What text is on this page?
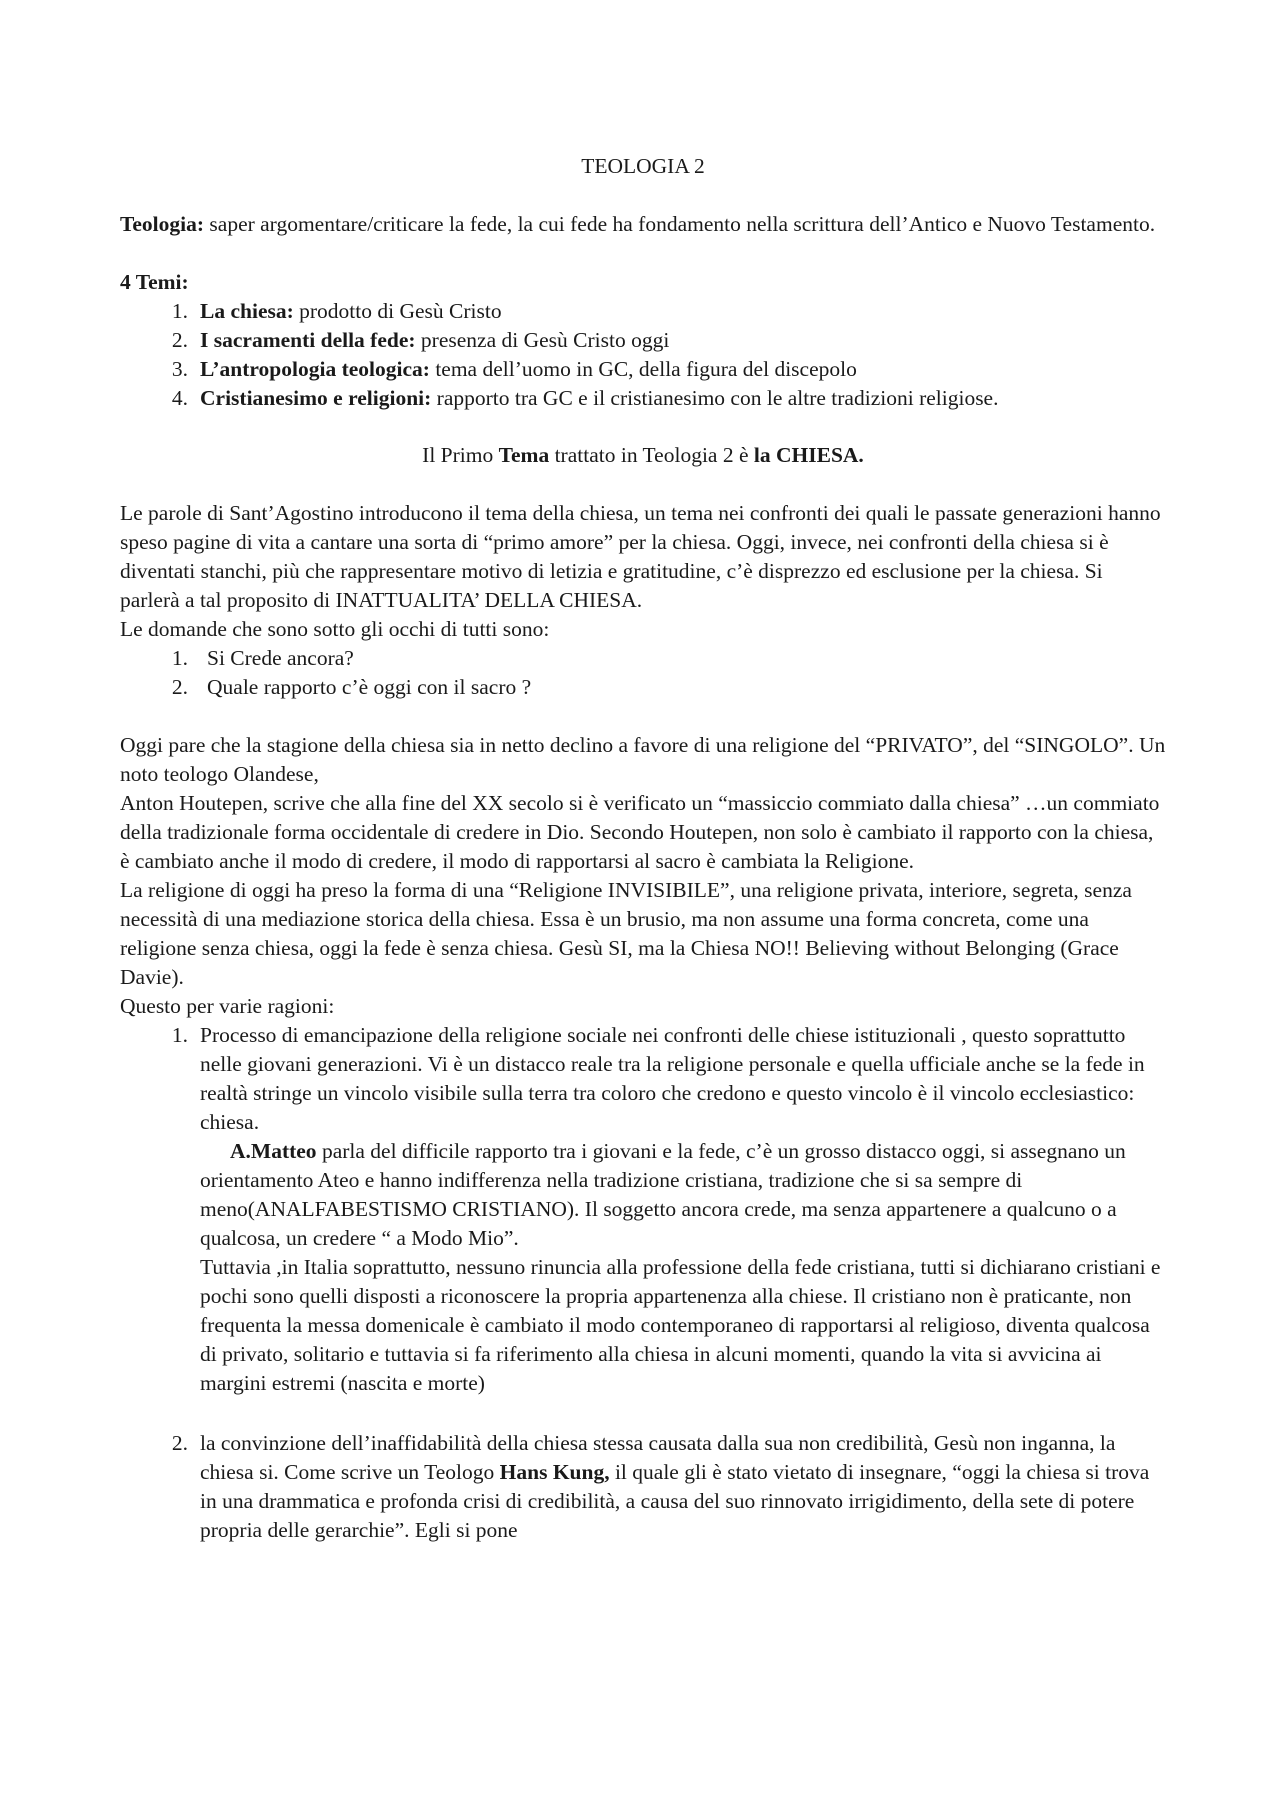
TEOLOGIA 2

Teologia: saper argomentare/criticare la fede, la cui fede ha fondamento nella scrittura dell’Antico e Nuovo Testamento.

4 Temi:

1. La chiesa: prodotto di Gesù Cristo
2. I sacramenti della fede: presenza di Gesù Cristo oggi
3. L’antropologia teologica: tema dell’uomo in GC, della figura del discepolo
4. Cristianesimo e religioni: rapporto tra GC e il cristianesimo con le altre tradizioni religiose.

Il Primo Tema trattato in Teologia 2 è la CHIESA.

Le parole di Sant’Agostino introducono il tema della chiesa, un tema nei confronti dei quali le passate generazioni hanno speso pagine di vita a cantare una sorta di “primo amore” per la chiesa. Oggi, invece, nei confronti della chiesa si è diventati stanchi, più che rappresentare motivo di letizia e gratitudine, c’è disprezzo ed esclusione per la chiesa. Si parlerà a tal proposito di INATTUALITA’ DELLA CHIESA.

Le domande che sono sotto gli occhi di tutti sono:

1. Si Crede ancora?
2. Quale rapporto c’è oggi con il sacro ?

Oggi pare che la stagione della chiesa sia in netto declino a favore di una religione del “PRIVATO”, del “SINGOLO”. Un noto teologo Olandese,

Anton Houtepen, scrive che alla fine del XX secolo si è verificato un “massiccio commiato dalla chiesa” …un commiato della tradizionale forma occidentale di credere in Dio. Secondo Houtepen, non solo è cambiato il rapporto con la chiesa, è cambiato anche il modo di credere, il modo di rapportarsi al sacro è cambiata la Religione.

La religione di oggi ha preso la forma di una “Religione INVISIBILE”, una religione privata, interiore, segreta, senza necessità di una mediazione storica della chiesa. Essa è un brusio, ma non assume una forma concreta, come una religione senza chiesa, oggi la fede è senza chiesa. Gesù SI, ma la Chiesa NO!! Believing without Belonging (Grace Davie).

Questo per varie ragioni:

1. Processo di emancipazione della religione sociale nei confronti delle chiese istituzionali , questo soprattutto nelle giovani generazioni. Vi è un distacco reale tra la religione personale e quella ufficiale anche se la fede in realtà stringe un vincolo visibile sulla terra tra coloro che credono e questo vincolo è il vincolo ecclesiastico: chiesa.

A.Matteo parla del difficile rapporto tra i giovani e la fede, c’è un grosso distacco oggi, si assegnano un orientamento Ateo e hanno indifferenza nella tradizione cristiana, tradizione che si sa sempre di meno(ANALFABESTISMO CRISTIANO). Il soggetto ancora crede, ma senza appartenere a qualcuno o a qualcosa, un credere “ a Modo Mio”.

Tuttavia ,in Italia soprattutto, nessuno rinuncia alla professione della fede cristiana, tutti si dichiarano cristiani e pochi sono quelli disposti a riconoscere la propria appartenenza alla chiese. Il cristiano non è praticante, non frequenta la messa domenicale è cambiato il modo contemporaneo di rapportarsi al religioso, diventa qualcosa di privato, solitario e tuttavia si fa riferimento alla chiesa in alcuni momenti, quando la vita si avvicina ai margini estremi (nascita e morte)

2. la convinzione dell’inaffidabilità della chiesa stessa causata dalla sua non credibilità, Gesù non inganna, la chiesa si. Come scrive un Teologo Hans Kung, il quale gli è stato vietato di insegnare, “oggi la chiesa si trova in una drammatica e profonda crisi di credibilità, a causa del suo rinnovato irrigidimento, della sete di potere propria delle gerarchie”. Egli si pone
